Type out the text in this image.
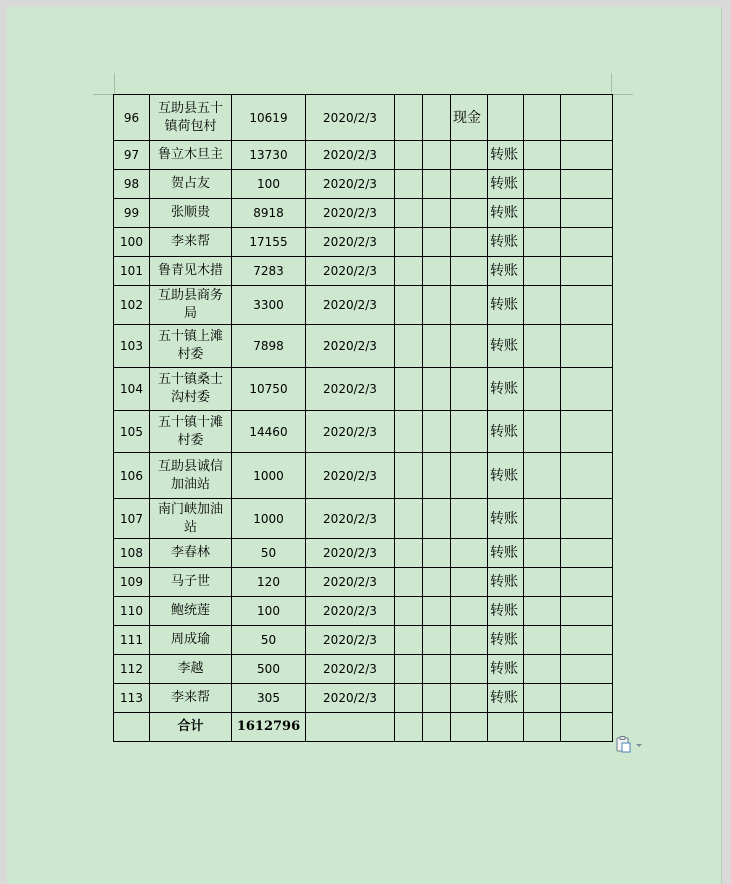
96	互助县五十镇荷包村	10619	2020/2/3			现金			
97	鲁立木旦主	13730	2020/2/3				转账		
98	贺占友	100	2020/2/3				转账		
99	张顺贵	8918	2020/2/3				转账		
100	李来帮	17155	2020/2/3				转账		
101	鲁青见木措	7283	2020/2/3				转账		
102	互助县商务局	3300	2020/2/3				转账		
103	五十镇上滩村委	7898	2020/2/3				转账		
104	五十镇桑士沟村委	10750	2020/2/3				转账		
105	五十镇十滩村委	14460	2020/2/3				转账		
106	互助县诚信加油站	1000	2020/2/3				转账		
107	南门峡加油站	1000	2020/2/3				转账		
108	李春林	50	2020/2/3				转账		
109	马子世	120	2020/2/3				转账		
110	鲍统莲	100	2020/2/3				转账		
111	周成瑜	50	2020/2/3				转账		
112	李越	500	2020/2/3				转账		
113	李来帮	305	2020/2/3				转账		
	合计	1612796							
